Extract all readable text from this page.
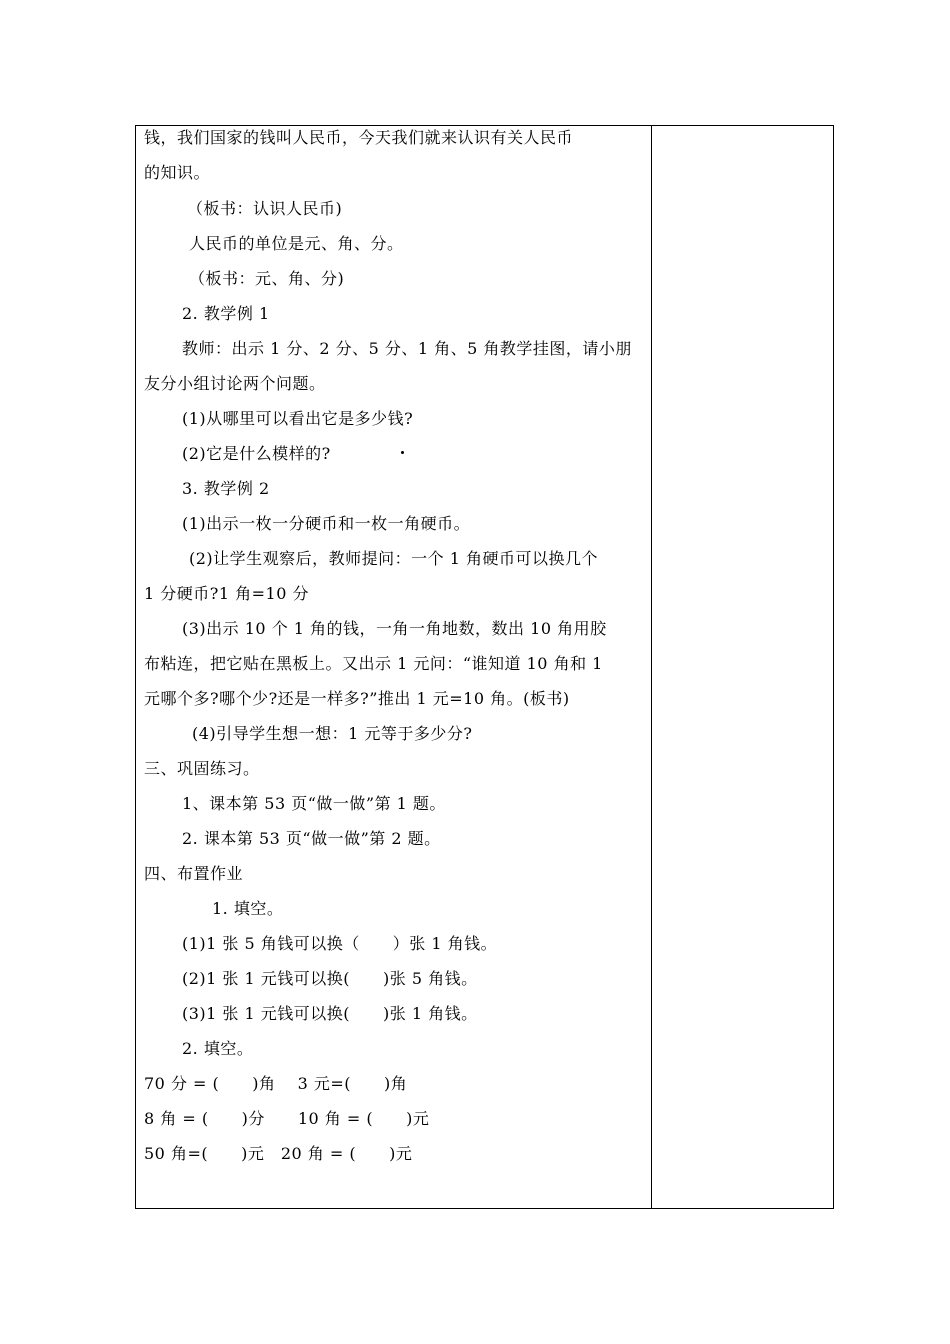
钱，我们国家的钱叫人民币，今天我们就来认识有关人民币
的知识。
（板书：认识人民币)
人民币的单位是元、角、分。
（板书：元、角、分)
2. 教学例 1
教师：出示 1 分、2 分、5 分、1 角、5 角教学挂图，请小朋
友分小组讨论两个问题。
(1)从哪里可以看出它是多少钱?
(2)它是什么模样的?
3. 教学例 2
(1)出示一枚一分硬币和一枚一角硬币。
(2)让学生观察后，教师提问：一个 1 角硬币可以换几个
1 分硬币?1 角=10 分
(3)出示 10 个 1 角的钱，一角一角地数，数出 10 角用胶
布粘连，把它贴在黑板上。又出示 1 元问：“谁知道 10 角和 1
元哪个多?哪个少?还是一样多?”推出 1 元=10 角。(板书)
(4)引导学生想一想：1 元等于多少分?
三、巩固练习。
1、课本第 53 页“做一做”第 1 题。
2. 课本第 53 页“做一做”第 2 题。
四、布置作业
1. 填空。
(1)1 张 5 角钱可以换（　　）张 1 角钱。
(2)1 张 1 元钱可以换(　　)张 5 角钱。
(3)1 张 1 元钱可以换(　　)张 1 角钱。
2. 填空。
70 分 = (　　)角　 3 元=(　　)角
8 角 = (　　)分　　10 角 = (　　)元
50 角=(　　)元　20 角 = (　　)元
